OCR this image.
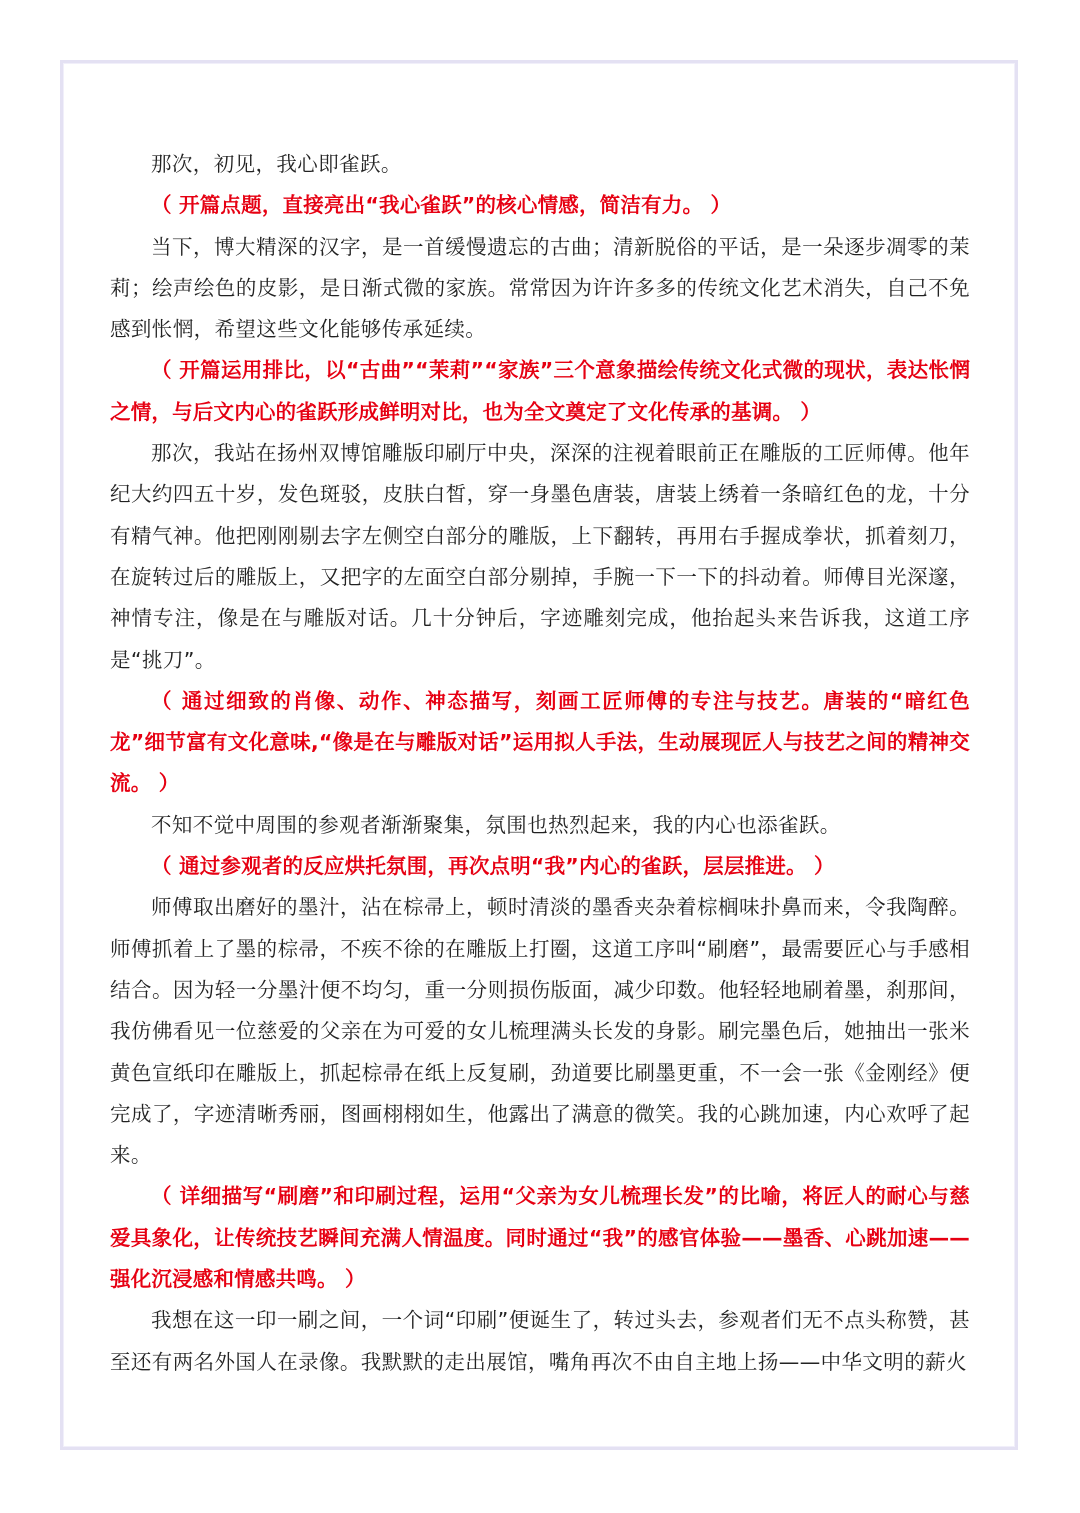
那次，初见，我心即雀跃。

（ 开篇点题，直接亮出“我心雀跃”的核心情感，简洁有力。 ）

当下，博大精深的汉字，是一首缓慢遗忘的古曲；清新脱俗的平话，是一朵逐步凋零的茉莉；绘声绘色的皮影，是日渐式微的家族。常常因为许许多多的传统文化艺术消失，自己不免感到怅惘，希望这些文化能够传承延续。

（ 开篇运用排比，以“古曲”“茉莉”“家族”三个意象描绘传统文化式微的现状，表达怅惘之情，与后文内心的雀跃形成鲜明对比，也为全文奠定了文化传承的基调。 ）

那次，我站在扬州双博馆雕版印刷厅中央，深深的注视着眼前正在雕版的工匠师傅。他年纪大约四五十岁，发色斑驳，皮肤白皙，穿一身墨色唐装，唐装上绣着一条暗红色的龙，十分有精气神。他把刚刚剔去字左侧空白部分的雕版，上下翻转，再用右手握成拳状，抓着刻刀，在旋转过后的雕版上，又把字的左面空白部分剔掉，手腕一下一下的抖动着。师傅目光深邃，神情专注，像是在与雕版对话。几十分钟后，字迹雕刻完成，他抬起头来告诉我，这道工序是“挑刀”。

（ 通过细致的肖像、动作、神态描写，刻画工匠师傅的专注与技艺。唐装的“暗红色龙”细节富有文化意味,“像是在与雕版对话”运用拟人手法，生动展现匠人与技艺之间的精神交流。 ）

不知不觉中周围的参观者渐渐聚集，氛围也热烈起来，我的内心也添雀跃。

（ 通过参观者的反应烘托氛围，再次点明“我”内心的雀跃，层层推进。 ）

师傅取出磨好的墨汁，沾在棕帚上，顿时清淡的墨香夹杂着棕榈味扑鼻而来，令我陶醉。师傅抓着上了墨的棕帚，不疾不徐的在雕版上打圈，这道工序叫“刷磨”，最需要匠心与手感相结合。因为轻一分墨汁便不均匀，重一分则损伤版面，减少印数。他轻轻地刷着墨，刹那间，我仿佛看见一位慈爱的父亲在为可爱的女儿梳理满头长发的身影。刷完墨色后，她抽出一张米黄色宣纸印在雕版上，抓起棕帚在纸上反复刷，劲道要比刷墨更重，不一会一张《金刚经》便完成了，字迹清晰秀丽，图画栩栩如生，他露出了满意的微笑。我的心跳加速，内心欢呼了起来。

（ 详细描写“刷磨”和印刷过程，运用“父亲为女儿梳理长发”的比喻，将匠人的耐心与慈爱具象化，让传统技艺瞬间充满人情温度。同时通过“我”的感官体验——墨香、心跳加速——强化沉浸感和情感共鸣。 ）

我想在这一印一刷之间，一个词“印刷”便诞生了，转过头去，参观者们无不点头称赞，甚至还有两名外国人在录像。我默默的走出展馆，嘴角再次不由自主地上扬——中华文明的薪火
